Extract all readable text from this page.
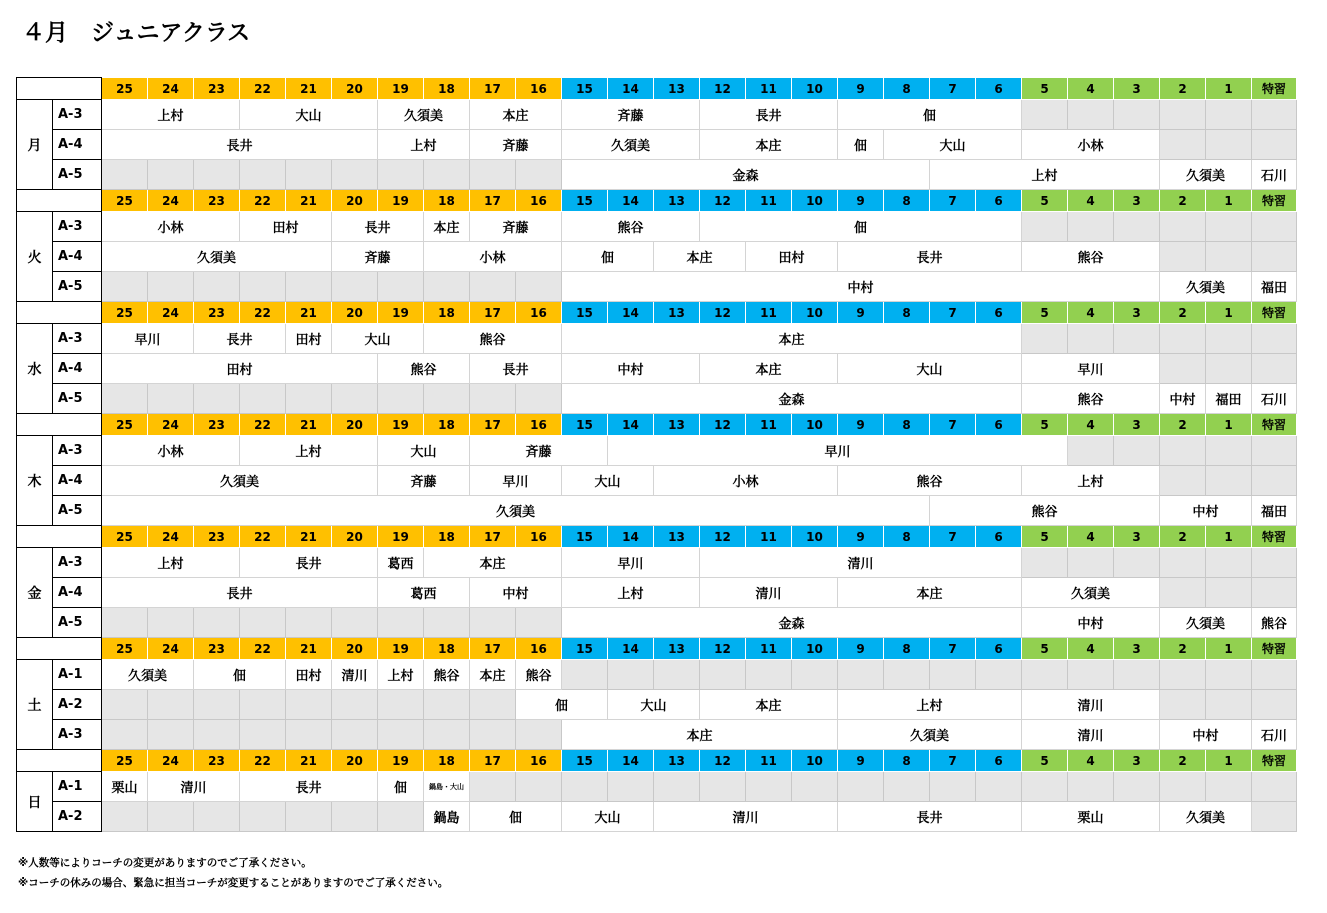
４月　ジュニアクラス
		25	24	23	22	21	20	19	18	17	16	15	14	13	12	11	10	9	8	7	6	5	4	3	2	1	特習
月	A-3	上村			大山			久須美		本庄		斉藤			長井			佃									
	A-4	長井						上村		斉藤		久須美			本庄			佃	大山			小林					
	A-5											金森								上村					久須美		石川
		25	24	23	22	21	20	19	18	17	16	15	14	13	12	11	10	9	8	7	6	5	4	3	2	1	特習
火	A-3	小林			田村		長井		本庄	斉藤		熊谷			佃												
	A-4	久須美					斉藤		小林			佃		本庄		田村		長井				熊谷					
	A-5											中村													久須美		福田
		25	24	23	22	21	20	19	18	17	16	15	14	13	12	11	10	9	8	7	6	5	4	3	2	1	特習
水	A-3	早川		長井		田村	大山		熊谷			本庄															
	A-4	田村						熊谷		長井		中村			本庄			大山				早川					
	A-5											金森										熊谷			中村	福田	石川
		25	24	23	22	21	20	19	18	17	16	15	14	13	12	11	10	9	8	7	6	5	4	3	2	1	特習
木	A-3	小林			上村			大山		斉藤			早川														
	A-4	久須美						斉藤		早川		大山		小林				熊谷				上村					
	A-5	久須美																		熊谷					中村		福田
		25	24	23	22	21	20	19	18	17	16	15	14	13	12	11	10	9	8	7	6	5	4	3	2	1	特習
金	A-3	上村			長井			葛西	本庄			早川			清川												
	A-4	長井						葛西		中村		上村			清川			本庄				久須美					
	A-5											金森										中村			久須美		熊谷
		25	24	23	22	21	20	19	18	17	16	15	14	13	12	11	10	9	8	7	6	5	4	3	2	1	特習
土	A-1	久須美		佃		田村	清川	上村	熊谷	本庄	熊谷																
	A-2										佃		大山		本庄			上村				清川					
	A-3											本庄						久須美				清川			中村		石川
		25	24	23	22	21	20	19	18	17	16	15	14	13	12	11	10	9	8	7	6	5	4	3	2	1	特習
日	A-1	栗山	清川		長井			佃	鍋島・大山																		
	A-2								鍋島	佃		大山		清川				長井				栗山			久須美		
※人数等によりコーチの変更がありますのでご了承ください。
※コーチの休みの場合、緊急に担当コーチが変更することがありますのでご了承ください。
